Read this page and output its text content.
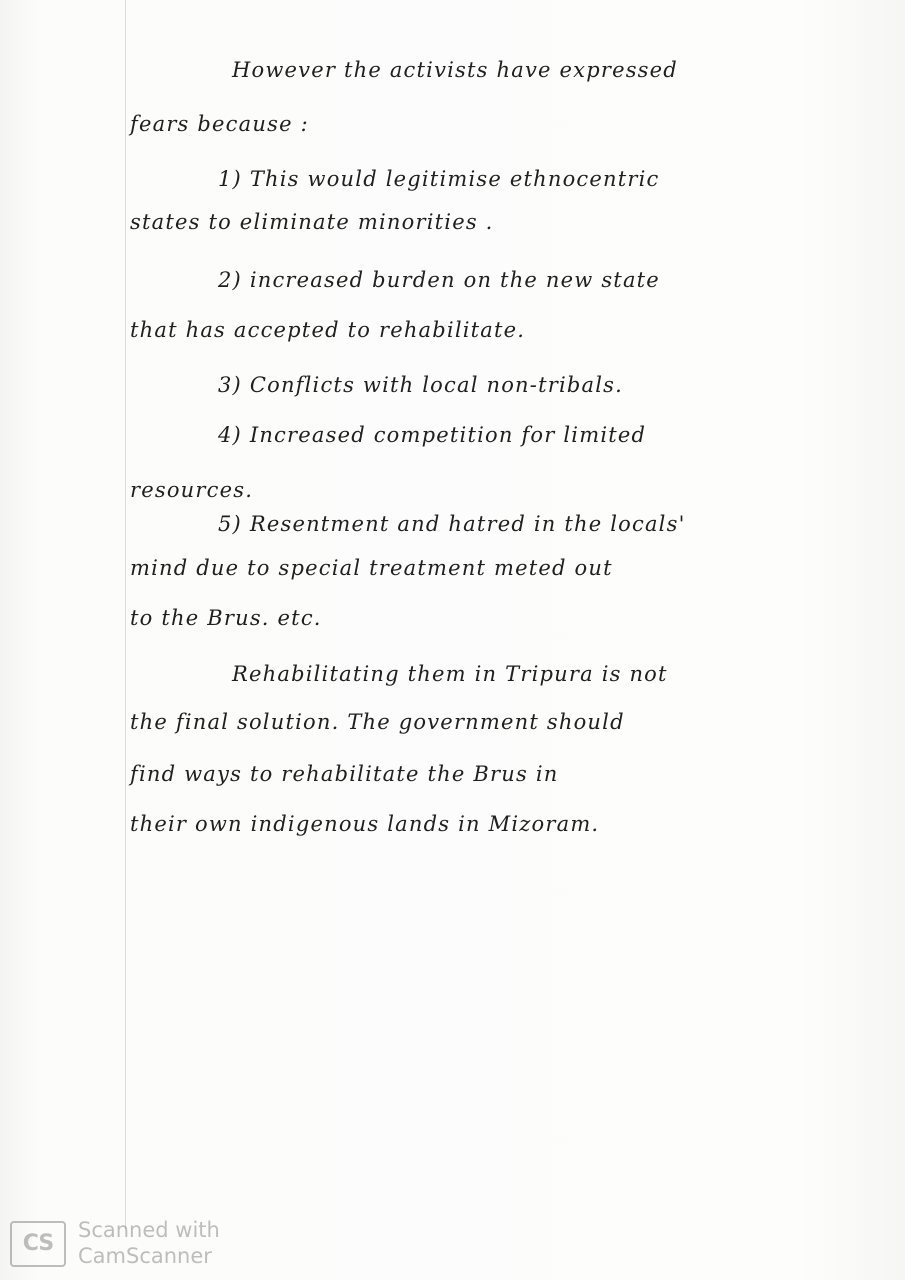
However the activists have expressed
fears because :
1) This would legitimise ethnocentric
states to eliminate minorities .
2) increased burden on the new state
that has accepted to rehabilitate.
3) Conflicts with local non-tribals.
4) Increased competition for limited
resources.
5) Resentment and hatred in the locals'
mind due to special treatment meted out
to the Brus. etc.
Rehabilitating them in Tripura is not
the final solution. The government should
find ways to rehabilitate the Brus in
their own indigenous lands in Mizoram.
CS
Scanned with
CamScanner
